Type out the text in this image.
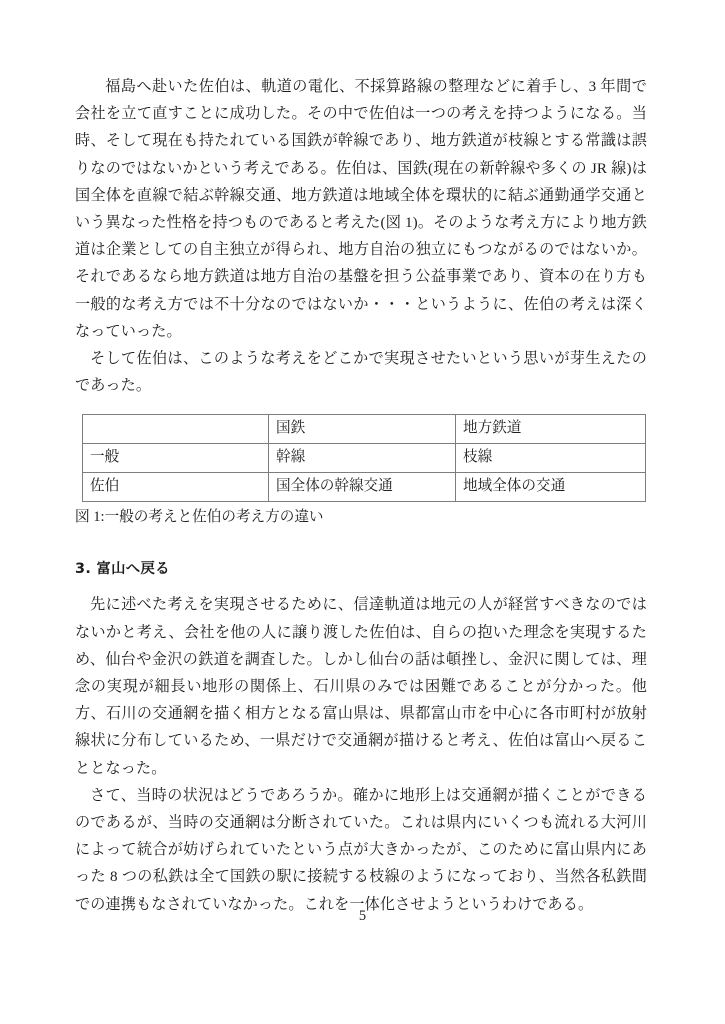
福島へ赴いた佐伯は、軌道の電化、不採算路線の整理などに着手し、3 年間で会社を立て直すことに成功した。その中で佐伯は一つの考えを持つようになる。当時、そして現在も持たれている国鉄が幹線であり、地方鉄道が枝線とする常識は誤りなのではないかという考えである。佐伯は、国鉄(現在の新幹線や多くの JR 線)は国全体を直線で結ぶ幹線交通、地方鉄道は地域全体を環状的に結ぶ通勤通学交通という異なった性格を持つものであると考えた(図 1)。そのような考え方により地方鉄道は企業としての自主独立が得られ、地方自治の独立にもつながるのではないか。それであるなら地方鉄道は地方自治の基盤を担う公益事業であり、資本の在り方も一般的な考え方では不十分なのではないか・・・というように、佐伯の考えは深くなっていった。

そして佐伯は、このような考えをどこかで実現させたいという思いが芽生えたのであった。

	国鉄	地方鉄道
一般	幹線	枝線
佐伯	国全体の幹線交通	地域全体の交通

図 1:一般の考えと佐伯の考え方の違い

3. 富山へ戻る

先に述べた考えを実現させるために、信達軌道は地元の人が経営すべきなのではないかと考え、会社を他の人に譲り渡した佐伯は、自らの抱いた理念を実現するため、仙台や金沢の鉄道を調査した。しかし仙台の話は頓挫し、金沢に関しては、理念の実現が細長い地形の関係上、石川県のみでは困難であることが分かった。他方、石川の交通網を描く相方となる富山県は、県都富山市を中心に各市町村が放射線状に分布しているため、一県だけで交通網が描けると考え、佐伯は富山へ戻ることとなった。

さて、当時の状況はどうであろうか。確かに地形上は交通網が描くことができるのであるが、当時の交通網は分断されていた。これは県内にいくつも流れる大河川によって統合が妨げられていたという点が大きかったが、このために富山県内にあった 8 つの私鉄は全て国鉄の駅に接続する枝線のようになっており、当然各私鉄間での連携もなされていなかった。これを一体化させようというわけである。

5
